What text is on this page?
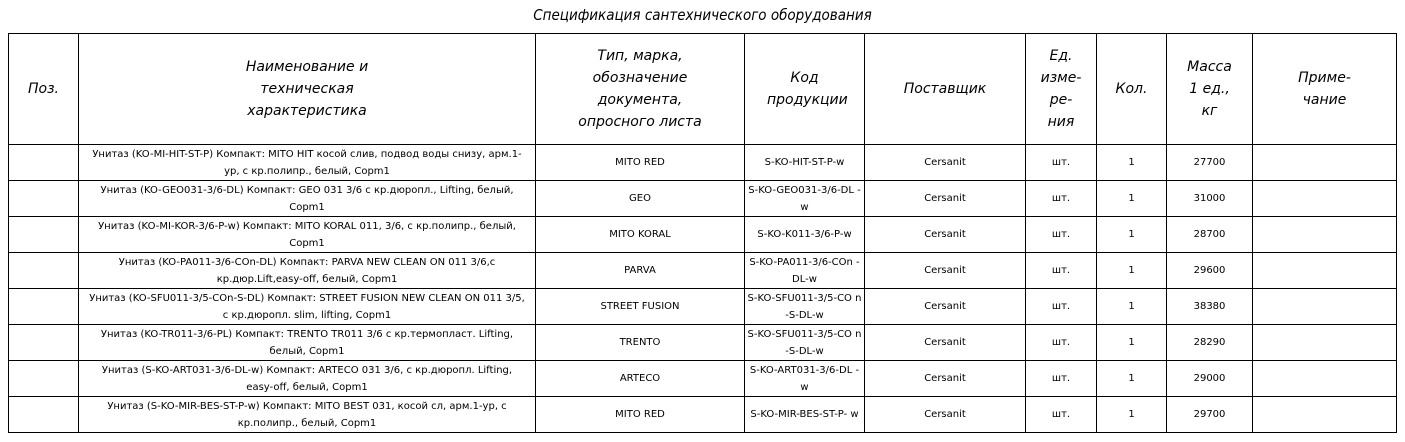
Спецификация сантехнического оборудования
Поз.	Наименование и техническая характеристика	Тип, марка, обозначение документа, опросного листа	Код продукции	Поставщик	Ед. изме- ре- ния	Кол.	Масса 1 ед., кг	Приме- чание
	Унитаз (KO-MI-HIT-ST-P) Компакт: MITO HIT косой слив, подвод воды снизу, арм.1-ур, с кр.полипр., белый, Copm1	MITO RED	S-KO-HIT-ST-P-w	Cersanit	шт.	1	27700	
	Унитаз (KO-GEO031-3/6-DL) Компакт: GEO 031 3/6 с кр.дюропл., Lifting, белый, Copm1	GEO	S-KO-GEO031-3/6-DL -w	Cersanit	шт.	1	31000	
	Унитаз (KO-MI-KOR-3/6-P-w) Компакт: MITO KORAL 011, 3/6, с кр.полипр., белый, Copm1	MITO KORAL	S-KO-K011-3/6-P-w	Cersanit	шт.	1	28700	
	Унитаз (KO-PA011-3/6-COn-DL) Компакт: PARVA NEW CLEAN ON 011 3/6,с кр.дюр.Lift,easy-off, белый, Copm1	PARVA	S-KO-PA011-3/6-COn -DL-w	Cersanit	шт.	1	29600	
	Унитаз (KO-SFU011-3/5-COn-S-DL) Компакт: STREET FUSION NEW CLEAN ON 011 3/5, с кр.дюропл. slim, lifting, Copm1	STREET FUSION	S-KO-SFU011-3/5-CO n-S-DL-w	Cersanit	шт.	1	38380	
	Унитаз (KO-TR011-3/6-PL) Компакт: TRENTO TR011 3/6 с кр.термопласт. Lifting, белый, Copm1	TRENTO	S-KO-SFU011-3/5-CO n-S-DL-w	Cersanit	шт.	1	28290	
	Унитаз (S-KO-ART031-3/6-DL-w) Компакт: ARTECO 031 3/6, с кр.дюропл. Lifting, easy-off, белый, Copm1	ARTECO	S-KO-ART031-3/6-DL -w	Cersanit	шт.	1	29000	
	Унитаз (S-KO-MIR-BES-ST-P-w) Компакт: MITO BEST 031, косой сл, арм.1-ур, с кр.полипр., белый, Copm1	MITO RED	S-KO-MIR-BES-ST-P- w	Cersanit	шт.	1	29700	
